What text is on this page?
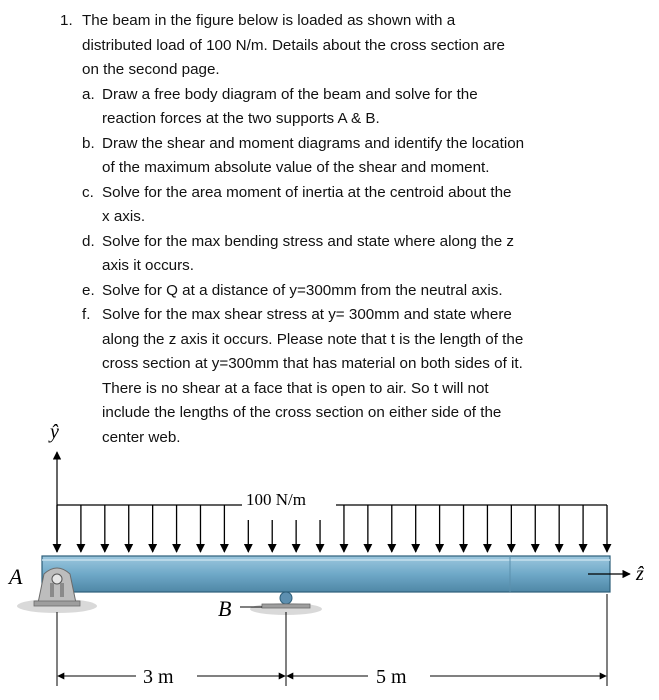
1. The beam in the figure below is loaded as shown with a
distributed load of 100 N/m. Details about the cross section are
on the second page.
a. Draw a free body diagram of the beam and solve for the
reaction forces at the two supports A & B.
b. Draw the shear and moment diagrams and identify the location
of the maximum absolute value of the shear and moment.
c. Solve for the area moment of inertia at the centroid about the
x axis.
d. Solve for the max bending stress and state where along the z
axis it occurs.
e. Solve for Q at a distance of y=300mm from the neutral axis.
f. Solve for the max shear stress at y= 300mm and state where
along the z axis it occurs. Please note that t is the length of the
cross section at y=300mm that has material on both sides of it.
There is no shear at a face that is open to air. So t will not
include the lengths of the cross section on either side of the
center web.
ŷ
100 N/m
ẑ
A
B
3 m	5 m
